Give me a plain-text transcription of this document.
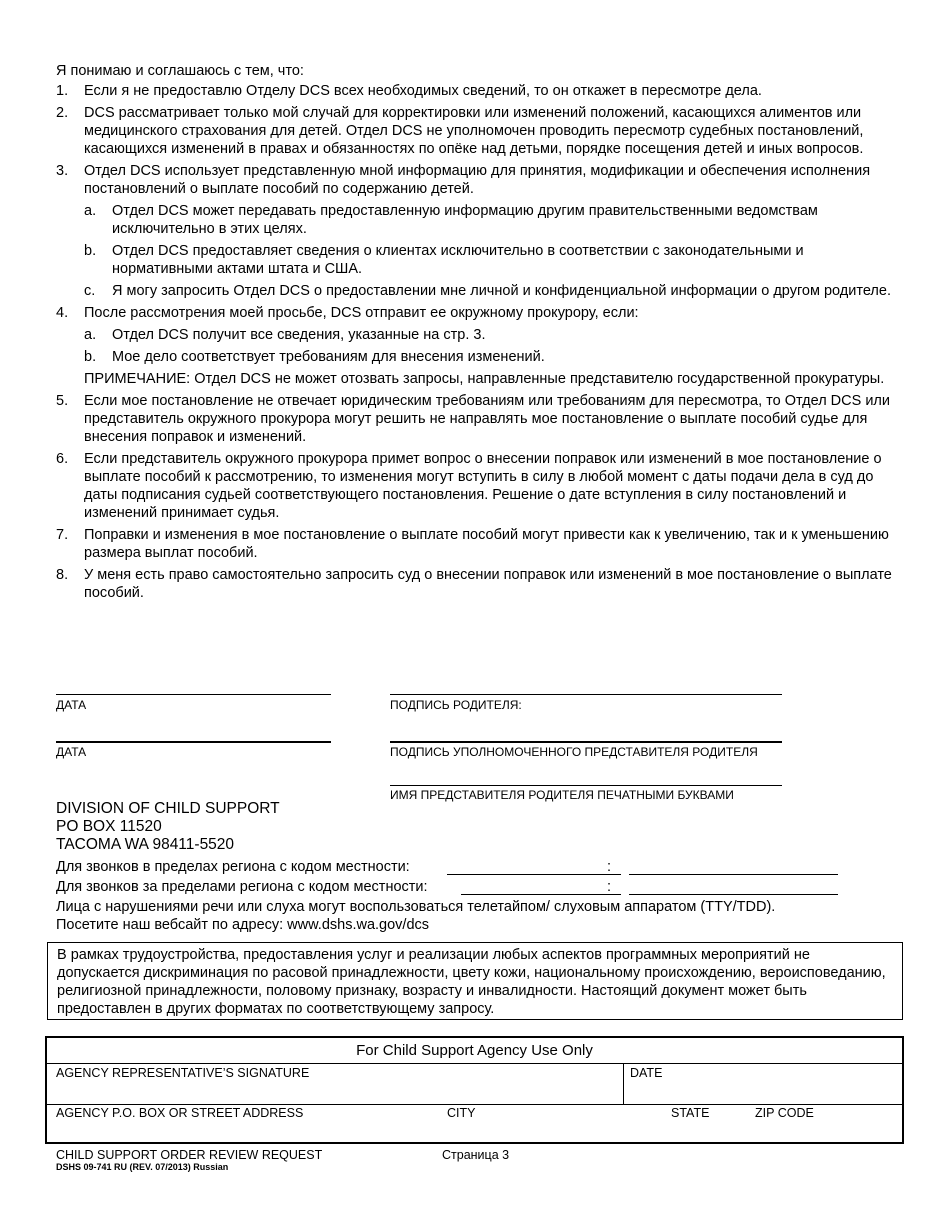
Я понимаю и соглашаюсь с тем, что:
1.	Если я не предоставлю Отделу DCS всех необходимых сведений, то он откажет в пересмотре дела.
2.	DCS рассматривает только мой случай для корректировки или изменений положений, касающихся алиментов или медицинского страхования для детей. Отдел DCS не уполномочен проводить пересмотр судебных постановлений, касающихся изменений в правах и обязанностях по опёке над детьми, порядке посещения детей и иных вопросов.
3.	Отдел DCS использует представленную мной информацию для принятия, модификации и обеспечения исполнения постановлений о выплате пособий по содержанию детей.
a.	Отдел DCS может передавать предоставленную информацию другим правительственными ведомствам исключительно в этих целях.
b.	Отдел DCS предоставляет сведения о клиентах исключительно в соответствии с законодательными и нормативными актами штата и США.
c.	Я могу запросить Отдел DCS о предоставлении мне личной и конфиденциальной информации о другом родителе.
4.	После рассмотрения моей просьбе, DCS отправит ее окружному прокурору, если:
a.	Отдел DCS получит все сведения, указанные на стр. 3.
b.	Мое дело соответствует требованиям для внесения изменений.
ПРИМЕЧАНИЕ: Отдел DCS не может отозвать запросы, направленные представителю государственной прокуратуры.
5.	Если мое постановление не отвечает юридическим требованиям или требованиям для пересмотра, то Отдел DCS или представитель окружного прокурора могут решить не направлять мое постановление о выплате пособий судье для внесения поправок и изменений.
6.	Если представитель окружного прокурора примет вопрос о внесении поправок или изменений в мое постановление о выплате пособий к рассмотрению, то изменения могут вступить в силу в любой момент с даты подачи дела в суд до даты подписания судьей соответствующего постановления. Решение о дате вступления в силу постановлений и изменений принимает судья.
7.	Поправки и изменения в мое постановление о выплате пособий могут привести как к увеличению, так и к уменьшению размера выплат пособий.
8.	У меня есть право самостоятельно запросить суд о внесении поправок или изменений в мое постановление о выплате пособий.
ДАТА	ПОДПИСЬ РОДИТЕЛЯ:
ДАТА	ПОДПИСЬ УПОЛНОМОЧЕННОГО ПРЕДСТАВИТЕЛЯ РОДИТЕЛЯ
ИМЯ ПРЕДСТАВИТЕЛЯ РОДИТЕЛЯ ПЕЧАТНЫМИ БУКВАМИ
DIVISION OF CHILD SUPPORT
PO BOX 11520
TACOMA WA 98411-5520
Для звонков в пределах региона с кодом местности:	:
Для звонков за пределами региона с кодом местности:	:
Лица с нарушениями речи или слуха могут воспользоваться телетайпом/ слуховым аппаратом (TTY/TDD).
Посетите наш вебсайт по адресу: www.dshs.wa.gov/dcs
В рамках трудоустройства, предоставления услуг и реализации любых аспектов программных мероприятий не допускается дискриминация по расовой принадлежности, цвету кожи, национальному происхождению, вероисповеданию, религиозной принадлежности, половому признаку, возрасту и инвалидности. Настоящий документ может быть предоставлен в других форматах по соответствующему запросу.
For Child Support Agency Use Only
AGENCY REPRESENTATIVE’S SIGNATURE	DATE
AGENCY P.O. BOX OR STREET ADDRESS	CITY	STATE	ZIP CODE
CHILD SUPPORT ORDER REVIEW REQUEST
DSHS 09-741 RU (REV. 07/2013) Russian
Страница 3
